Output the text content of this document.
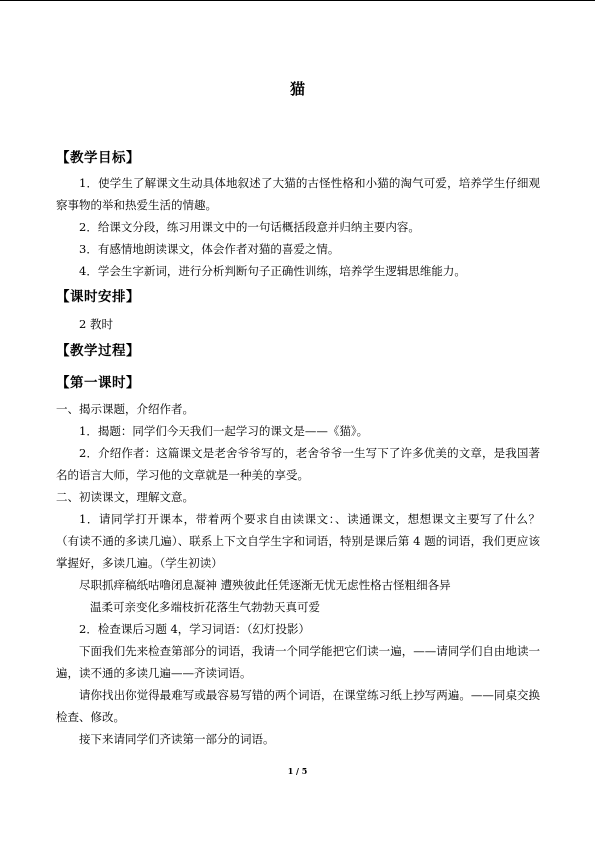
猫
【教学目标】
1．使学生了解课文生动具体地叙述了大猫的古怪性格和小猫的淘气可爱，培养学生仔细观察事物的举和热爱生活的情趣。
2．给课文分段，练习用课文中的一句话概括段意并归纳主要内容。
3．有感情地朗读课文，体会作者对猫的喜爱之情。
4．学会生字新词，进行分析判断句子正确性训练，培养学生逻辑思维能力。
【课时安排】
2 教时
【教学过程】
【第一课时】
一、揭示课题，介绍作者。
1．揭题：同学们今天我们一起学习的课文是——《猫》。
2．介绍作者：这篇课文是老舍爷爷写的，老舍爷爷一生写下了许多优美的文章，是我国著名的语言大师，学习他的文章就是一种美的享受。
二、初读课文，理解文意。
1．请同学打开课本，带着两个要求自由读课文：、读通课文，想想课文主要写了什么？（有读不通的多读几遍）、联系上下文自学生字和词语，特别是课后第 4 题的词语，我们更应该掌握好，多读几遍。（学生初读）
尽职抓痒稿纸咕噜闭息凝神 遭殃彼此任凭逐渐无忧无虑性格古怪粗细各异
温柔可亲变化多端枝折花落生气勃勃天真可爱
2．检查课后习题 4，学习词语：（幻灯投影）
下面我们先来检查第部分的词语，我请一个同学能把它们读一遍，——请同学们自由地读一遍，读不通的多读几遍——齐读词语。
请你找出你觉得最难写或最容易写错的两个词语，在课堂练习纸上抄写两遍。——同桌交换检查、修改。
接下来请同学们齐读第一部分的词语。
1 / 5
